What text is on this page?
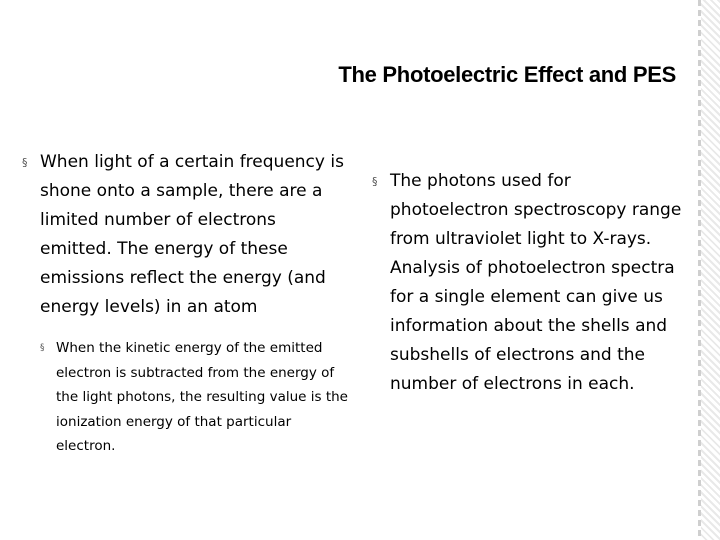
The Photoelectric Effect and PES
§ When light of a certain frequency is shone onto a sample, there are a limited number of electrons emitted. The energy of these emissions reflect the energy (and energy levels) in an atom
§ When the kinetic energy of the emitted electron is subtracted from the energy of the light photons, the resulting value is the ionization energy of that particular electron.
§ The photons used for photoelectron spectroscopy range from ultraviolet light to X-rays. Analysis of photoelectron spectra for a single element can give us information about the shells and subshells of electrons and the number of electrons in each.
